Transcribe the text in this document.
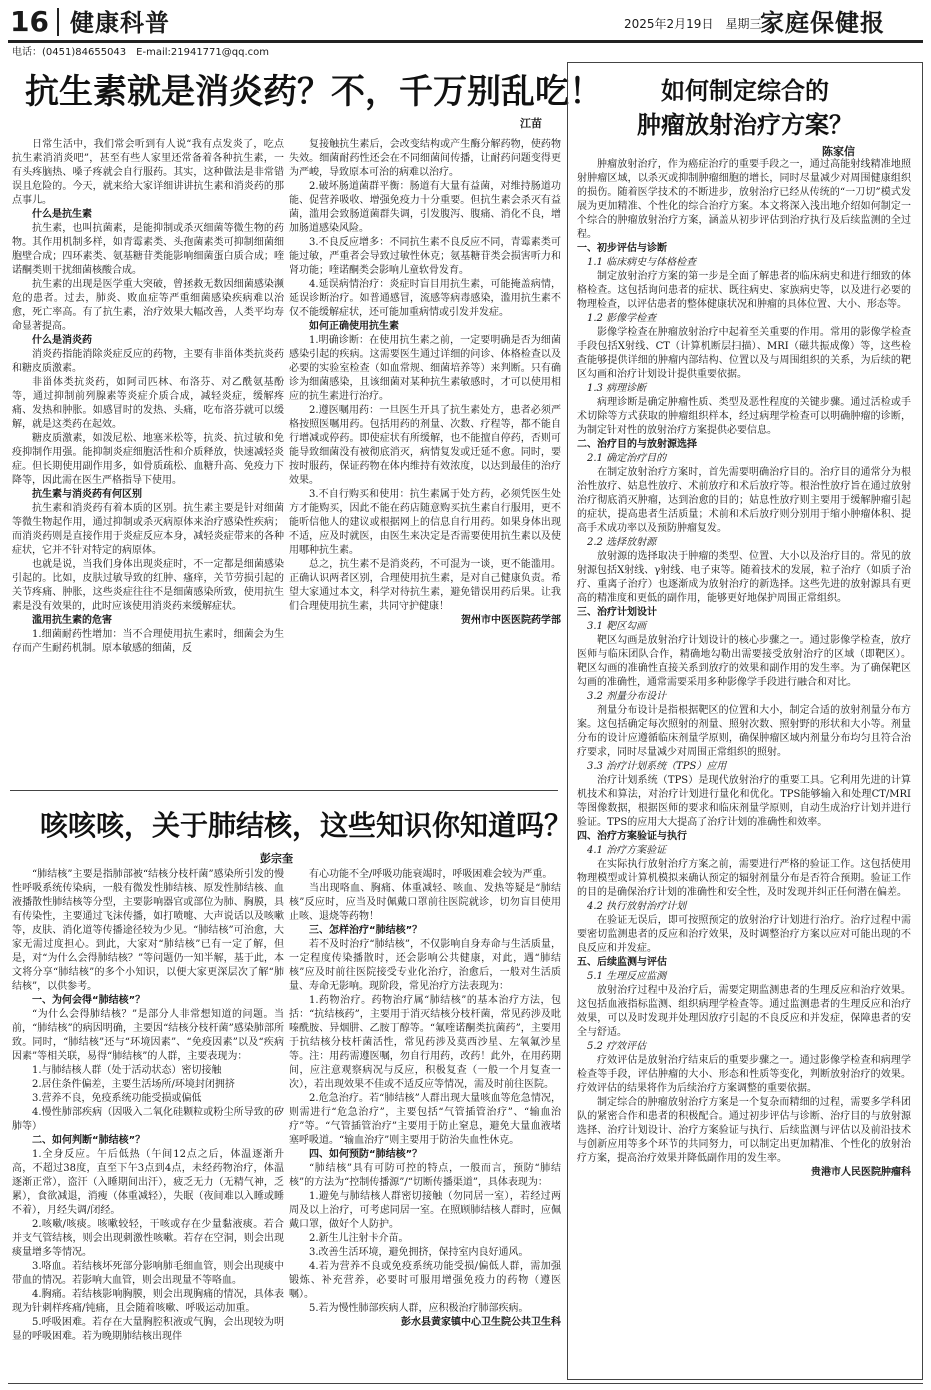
16 健康科普	2025年2月19日　星期三
家庭保健报
电话：(0451)84655043　E-mail:21941771@qq.com
抗生素就是消炎药？不，千万别乱吃！
江苗

日常生活中，我们常会听到有人说“我有点发炎了，吃点抗生素消消炎吧”，甚至有些人家里还常备着各种抗生素，一有头疼脑热、嗓子疼就会自行服药。其实，这种做法是非常错误且危险的。今天，就来给大家详细讲讲抗生素和消炎药的那点事儿。

什么是抗生素

抗生素，也叫抗菌素，是能抑制或杀灭细菌等微生物的药物。其作用机制多样，如青霉素类、头孢菌素类可抑制细菌细胞壁合成；四环素类、氨基糖苷类能影响细菌蛋白质合成；喹诺酮类则干扰细菌核酸合成。

抗生素的出现是医学重大突破，曾拯救无数因细菌感染濒危的患者。过去，肺炎、败血症等严重细菌感染疾病难以治愈，死亡率高。有了抗生素，治疗效果大幅改善，人类平均寿命显著提高。

什么是消炎药

消炎药指能消除炎症反应的药物，主要有非甾体类抗炎药和糖皮质激素。

非甾体类抗炎药，如阿司匹林、布洛芬、对乙酰氨基酚等，通过抑制前列腺素等炎症介质合成，减轻炎症，缓解疼痛、发热和肿胀。如感冒时的发热、头痛，吃布洛芬就可以缓解，就是这类药在起效。

糖皮质激素，如泼尼松、地塞米松等，抗炎、抗过敏和免疫抑制作用强。能抑制炎症细胞活性和介质释放，快速减轻炎症。但长期使用副作用多，如骨质疏松、血糖升高、免疫力下降等，因此需在医生严格指导下使用。

抗生素与消炎药有何区别

抗生素和消炎药有着本质的区别。抗生素主要是针对细菌等微生物起作用，通过抑制或杀灭病原体来治疗感染性疾病；而消炎药则是直接作用于炎症反应本身，减轻炎症带来的各种症状，它并不针对特定的病原体。

也就是说，当我们身体出现炎症时，不一定都是细菌感染引起的。比如，皮肤过敏导致的红肿、瘙痒，关节劳损引起的关节疼痛、肿胀，这些炎症往往不是细菌感染所致，使用抗生素是没有效果的，此时应该使用消炎药来缓解症状。

滥用抗生素的危害

1.细菌耐药性增加：当不合理使用抗生素时，细菌会为生存而产生耐药机制。原本敏感的细菌，反

复接触抗生素后，会改变结构或产生酶分解药物，使药物失效。细菌耐药性还会在不同细菌间传播，让耐药问题变得更为严峻，导致原本可治的病难以治疗。

2.破坏肠道菌群平衡：肠道有大量有益菌，对维持肠道功能、促营养吸收、增强免疫力十分重要。但抗生素会杀灭有益菌，滥用会致肠道菌群失调，引发腹泻、腹痛、消化不良，增加肠道感染风险。

3.不良反应增多：不同抗生素不良反应不同，青霉素类可能过敏，严重者会导致过敏性休克；氨基糖苷类会损害听力和肾功能；喹诺酮类会影响儿童软骨发育。

4.延误病情治疗：炎症时盲目用抗生素，可能掩盖病情，延误诊断治疗。如普通感冒，流感等病毒感染，滥用抗生素不仅不能缓解症状，还可能加重病情或引发并发症。

如何正确使用抗生素

1.明确诊断：在使用抗生素之前，一定要明确是否为细菌感染引起的疾病。这需要医生通过详细的问诊、体格检查以及必要的实验室检查（如血常规、细菌培养等）来判断。只有确诊为细菌感染，且该细菌对某种抗生素敏感时，才可以使用相应的抗生素进行治疗。

2.遵医嘱用药：一旦医生开具了抗生素处方，患者必须严格按照医嘱用药。包括用药的剂量、次数、疗程等，都不能自行增减或停药。即使症状有所缓解，也不能擅自停药，否则可能导致细菌没有被彻底消灭，病情复发或迁延不愈。同时，要按时服药，保证药物在体内维持有效浓度，以达到最佳的治疗效果。

3.不自行购买和使用：抗生素属于处方药，必须凭医生处方才能购买，因此不能在药店随意购买抗生素自行服用，更不能听信他人的建议或根据网上的信息自行用药。如果身体出现不适，应及时就医，由医生来决定是否需要使用抗生素以及使用哪种抗生素。

总之，抗生素不是消炎药，不可混为一谈，更不能滥用。正确认识两者区别，合理使用抗生素，是对自己健康负责。希望大家通过本文，科学对待抗生素，避免错误用药后果。让我们合理使用抗生素，共同守护健康！

贺州市中医医院药学部

咳咳咳，关于肺结核，这些知识你知道吗？
彭宗奎

“肺结核”主要是指肺部被“结核分枝杆菌”感染所引发的慢性呼吸系统传染病，一般有微发性肺结核、原发性肺结核、血液播散性肺结核等分型，主要影响器官或部位为肺、胸膜，具有传染性，主要通过飞沫传播，如打喷嚏、大声说话以及咳嗽等，皮肤、消化道等传播途径较为少见。“肺结核”可治愈，大家无需过度担心。到此，大家对“肺结核”已有一定了解，但是，对“为什么会得肺结核？”等问题仍一知半解，基于此，本文将分享“肺结核”的多个小知识，以便大家更深层次了解“肺结核”，以供参考。

一、为何会得“肺结核”？

“为什么会得肺结核？”是部分人非常想知道的问题。当前，“肺结核”的病因明确，主要因“结核分枝杆菌”感染肺部所致。同时，“肺结核”还与“环境因素”、“免疫因素”以及“疾病因素”等相关联，易得“肺结核”的人群，主要表现为：

1.与肺结核人群（处于活动状态）密切接触

2.居住条件偏差，主要生活场所/环境封闭拥挤

3.营养不良，免疫系统功能受损或偏低

4.慢性肺部疾病（因吸入二氧化硅颗粒或粉尘所导致的矽肺等）

二、如何判断“肺结核”？

1.全身反应。午后低热（午间12点之后，体温逐渐升高，不超过38度，直至下午3点到4点，未经药物治疗，体温逐渐正常），盗汗（入睡期间出汗），疲乏无力（无精气神，乏累），食欲减退，消瘦（体重减轻），失眠（夜间难以入睡或睡不着），月经失调/闭经。

2.咳嗽/咳痰。咳嗽较轻，干咳或存在少量黏液痰。若合并支气管结核，则会出现刺激性咳嗽。若存在空洞，则会出现痰量增多等情况。

3.咯血。若结核坏死部分影响肺毛细血管，则会出现痰中带血的情况。若影响大血管，则会出现量不等咯血。

4.胸痛。若结核影响胸膜，则会出现胸痛的情况，具体表现为针刺样疼痛/钝痛，且会随着咳嗽、呼吸运动加重。

5.呼吸困难。若存在大量胸腔积液或气胸，会出现较为明显的呼吸困难。若为晚期肺结核出现伴

有心功能不全/呼吸功能衰竭时，呼吸困难会较为严重。

当出现咯血、胸痛、体重减轻、咳血、发热等疑是“肺结核”反应时，应当及时佩戴口罩前往医院就诊，切勿盲目使用止咳、退烧等药物！

三、怎样治疗“肺结核”？

若不及时治疗“肺结核”，不仅影响自身寿命与生活质量，一定程度传染播散时，还会影响公共健康，对此，遇“肺结核”应及时前往医院接受专业化治疗，治愈后，一般对生活质量、寿命无影响。现阶段，常见治疗方法表现为：

1.药物治疗。药物治疗属“肺结核”的基本治疗方法，包括：“抗结核药”，主要用于消灭结核分枝杆菌，常见药涉及吡嗪酰胺、异烟肼、乙胺丁醇等。“氟喹诺酮类抗菌药”，主要用于抗结核分枝杆菌活性，常见药涉及莫西沙星、左氧氟沙星等。注：用药需遵医嘱，勿自行用药，改药！此外，在用药期间，应注意观察病况与反应，积极复查（一般一个月复查一次），若出现效果不佳或不适反应等情况，需及时前往医院。

2.危急治疗。若“肺结核”人群出现大量咳血等危急情况，则需进行“危急治疗”，主要包括“气管插管治疗”、“输血治疗”等。“气管插管治疗”主要用于防止窒息，避免大量血液堵塞呼吸道。“输血治疗”则主要用于防治失血性休克。

四、如何预防“肺结核”？

“肺结核”具有可防可控的特点，一般而言，预防“肺结核”的方法为“控制传播源”/“切断传播渠道”，具体表现为：

1.避免与肺结核人群密切接触（勿同居一室），若经过两周及以上治疗，可考虑同居一室。在照顾肺结核人群时，应佩戴口罩，做好个人防护。

2.新生儿注射卡介苗。

3.改善生活环境，避免拥挤，保持室内良好通风。

4.若为营养不良或免疫系统功能受损/偏低人群，需加强锻炼、补充营养，必要时可服用增强免疫力的药物（遵医嘱）。

5.若为慢性肺部疾病人群，应积极治疗肺部疾病。

彭水县黄家镇中心卫生院公共卫生科

如何制定综合的
肿瘤放射治疗方案？
陈家信

肿瘤放射治疗，作为癌症治疗的重要手段之一，通过高能射线精准地照射肿瘤区域，以杀灭或抑制肿瘤细胞的增长，同时尽量减少对周围健康组织的损伤。随着医学技术的不断进步，放射治疗已经从传统的“一刀切”模式发展为更加精准、个性化的综合治疗方案。本文将深入浅出地介绍如何制定一个综合的肿瘤放射治疗方案，涵盖从初步评估到治疗执行及后续监测的全过程。

一、初步评估与诊断

1.1 临床病史与体格检查

制定放射治疗方案的第一步是全面了解患者的临床病史和进行细致的体格检查。这包括询问患者的症状、既往病史、家族病史等，以及进行必要的物理检查，以评估患者的整体健康状况和肿瘤的具体位置、大小、形态等。

1.2 影像学检查

影像学检查在肿瘤放射治疗中起着至关重要的作用。常用的影像学检查手段包括X射线、CT（计算机断层扫描）、MRI（磁共振成像）等，这些检查能够提供详细的肿瘤内部结构、位置以及与周围组织的关系，为后续的靶区勾画和治疗计划设计提供重要依据。

1.3 病理诊断

病理诊断是确定肿瘤性质、类型及恶性程度的关键步骤。通过活检或手术切除等方式获取的肿瘤组织样本，经过病理学检查可以明确肿瘤的诊断，为制定针对性的放射治疗方案提供必要信息。

二、治疗目的与放射源选择

2.1 确定治疗目的

在制定放射治疗方案时，首先需要明确治疗目的。治疗目的通常分为根治性放疗、姑息性放疗、术前放疗和术后放疗等。根治性放疗旨在通过放射治疗彻底消灭肿瘤，达到治愈的目的；姑息性放疗则主要用于缓解肿瘤引起的症状，提高患者生活质量；术前和术后放疗则分别用于缩小肿瘤体积、提高手术成功率以及预防肿瘤复发。

2.2 选择放射源

放射源的选择取决于肿瘤的类型、位置、大小以及治疗目的。常见的放射源包括X射线、γ射线、电子束等。随着技术的发展，粒子治疗（如质子治疗、重离子治疗）也逐渐成为放射治疗的新选择。这些先进的放射源具有更高的精准度和更低的副作用，能够更好地保护周围正常组织。

三、治疗计划设计

3.1 靶区勾画

靶区勾画是放射治疗计划设计的核心步骤之一。通过影像学检查，放疗医师与临床团队合作，精确地勾勒出需要接受放射治疗的区域（即靶区）。靶区勾画的准确性直接关系到放疗的效果和副作用的发生率。为了确保靶区勾画的准确性，通常需要采用多种影像学手段进行融合和对比。

3.2 剂量分布设计

剂量分布设计是指根据靶区的位置和大小，制定合适的放射剂量分布方案。这包括确定每次照射的剂量、照射次数、照射野的形状和大小等。剂量分布的设计应遵循临床剂量学原则，确保肿瘤区域内剂量分布均匀且符合治疗要求，同时尽量减少对周围正常组织的照射。

3.3 治疗计划系统（TPS）应用

治疗计划系统（TPS）是现代放射治疗的重要工具。它利用先进的计算机技术和算法，对治疗计划进行量化和优化。TPS能够输入和处理CT/MRI等图像数据，根据医师的要求和临床剂量学原则，自动生成治疗计划并进行验证。TPS的应用大大提高了治疗计划的准确性和效率。

四、治疗方案验证与执行

4.1 治疗方案验证

在实际执行放射治疗方案之前，需要进行严格的验证工作。这包括使用物理模型或计算机模拟来确认预定的辐射剂量分布是否符合预期。验证工作的目的是确保治疗计划的准确性和安全性，及时发现并纠正任何潜在偏差。

4.2 执行放射治疗计划

在验证无误后，即可按照预定的放射治疗计划进行治疗。治疗过程中需要密切监测患者的反应和治疗效果，及时调整治疗方案以应对可能出现的不良反应和并发症。

五、后续监测与评估

5.1 生理反应监测

放射治疗过程中及治疗后，需要定期监测患者的生理反应和治疗效果。这包括血液指标监测、组织病理学检查等。通过监测患者的生理反应和治疗效果，可以及时发现并处理因放疗引起的不良反应和并发症，保障患者的安全与舒适。

5.2 疗效评估

疗效评估是放射治疗结束后的重要步骤之一。通过影像学检查和病理学检查等手段，评估肿瘤的大小、形态和性质等变化，判断放射治疗的效果。疗效评估的结果将作为后续治疗方案调整的重要依据。

制定综合的肿瘤放射治疗方案是一个复杂而精细的过程，需要多学科团队的紧密合作和患者的积极配合。通过初步评估与诊断、治疗目的与放射源选择、治疗计划设计、治疗方案验证与执行、后续监测与评估以及前沿技术与创新应用等多个环节的共同努力，可以制定出更加精准、个性化的放射治疗方案，提高治疗效果并降低副作用的发生率。

贵港市人民医院肿瘤科
